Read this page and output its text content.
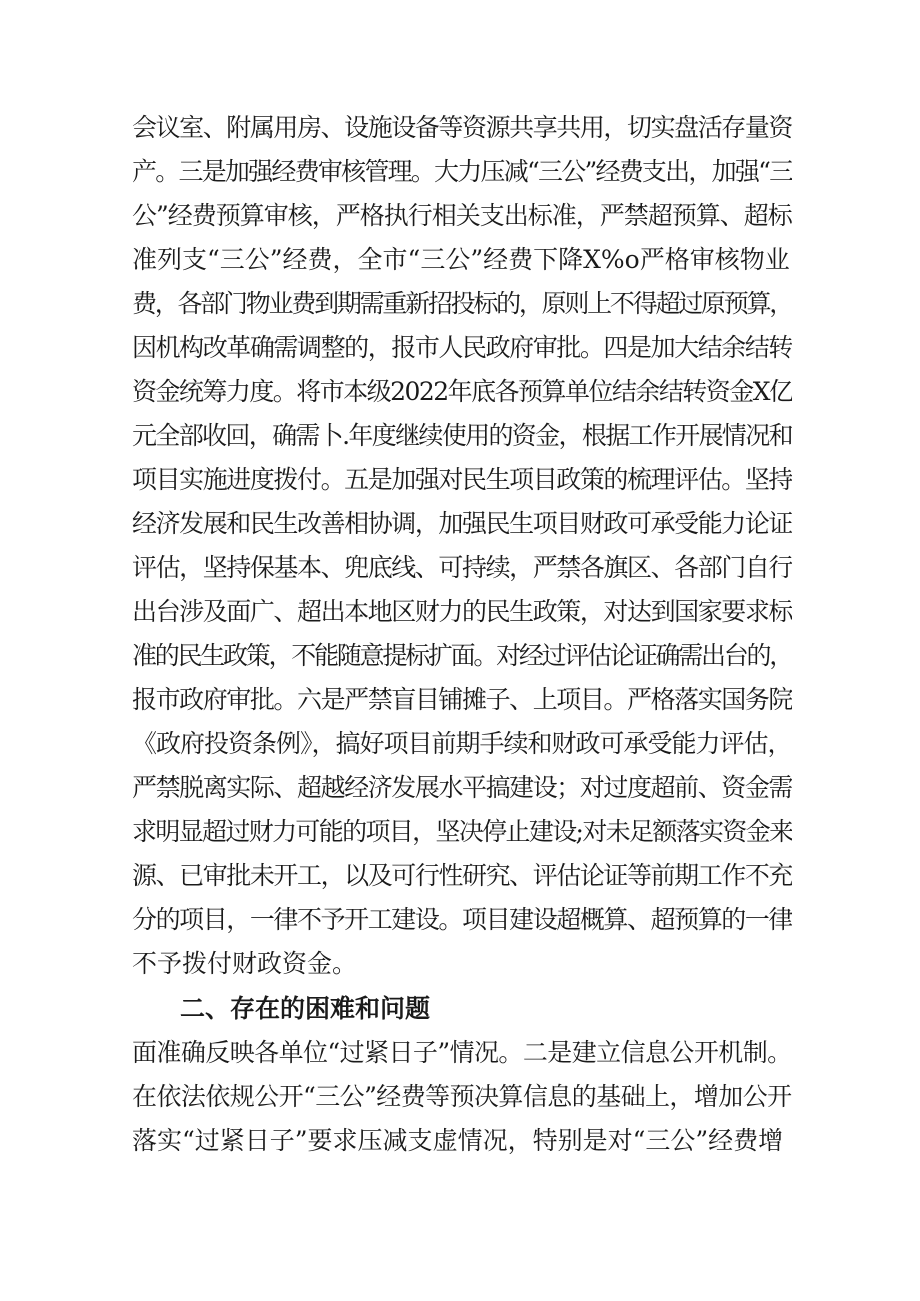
会议室、附属用房、设施设备等资源共享共用，切实盘活存量资
产。三是加强经费审核管理。大力压减“三公”经费支出，加强“三
公”经费预算审核，严格执行相关支出标准，严禁超预算、超标
准列支“三公”经费，全市“三公”经费下降X%o严格审核物业
费，各部门物业费到期需重新招投标的，原则上不得超过原预算，
因机构改革确需调整的，报市人民政府审批。四是加大结余结转
资金统筹力度。将市本级2022年底各预算单位结余结转资金X亿
元全部收回，确需卜.年度继续使用的资金，根据工作开展情况和
项目实施进度拨付。五是加强对民生项目政策的梳理评估。坚持
经济发展和民生改善相协调，加强民生项目财政可承受能力论证
评估，坚持保基本、兜底线、可持续，严禁各旗区、各部门自行
出台涉及面广、超出本地区财力的民生政策，对达到国家要求标
准的民生政策，不能随意提标扩面。对经过评估论证确需出台的，
报市政府审批。六是严禁盲目铺摊子、上项目。严格落实国务院
《政府投资条例》，搞好项目前期手续和财政可承受能力评估，
严禁脱离实际、超越经济发展水平搞建设；对过度超前、资金需
求明显超过财力可能的项目，坚决停止建设;对未足额落实资金来
源、已审批未开工，以及可行性研究、评估论证等前期工作不充
分的项目，一律不予开工建设。项目建设超概算、超预算的一律
不予拨付财政资金。
二、存在的困难和问题
面准确反映各单位“过紧日子”情况。二是建立信息公开机制。
在依法依规公开“三公”经费等预决算信息的基础上，增加公开
落实“过紧日子”要求压减支虚情况，特别是对“三公”经费增
